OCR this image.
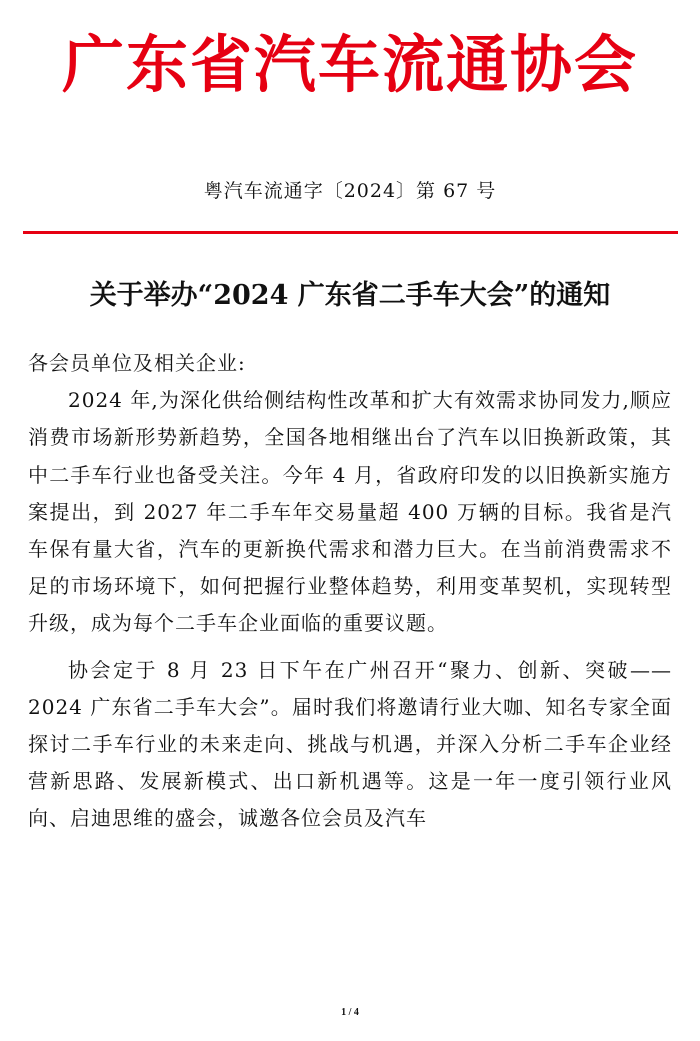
广东省汽车流通协会
粤汽车流通字〔2024〕第 67 号
关于举办“2024 广东省二手车大会”的通知

各会员单位及相关企业:

2024 年,为深化供给侧结构性改革和扩大有效需求协同发力,顺应消费市场新形势新趋势，全国各地相继出台了汽车以旧换新政策，其中二手车行业也备受关注。今年 4 月，省政府印发的以旧换新实施方案提出，到 2027 年二手车年交易量超 400 万辆的目标。我省是汽车保有量大省，汽车的更新换代需求和潜力巨大。在当前消费需求不足的市场环境下，如何把握行业整体趋势，利用变革契机，实现转型升级，成为每个二手车企业面临的重要议题。

协会定于 8 月 23 日下午在广州召开“聚力、创新、突破——2024 广东省二手车大会”。届时我们将邀请行业大咖、知名专家全面探讨二手车行业的未来走向、挑战与机遇，并深入分析二手车企业经营新思路、发展新模式、出口新机遇等。这是一年一度引领行业风向、启迪思维的盛会，诚邀各位会员及汽车

1 / 4
